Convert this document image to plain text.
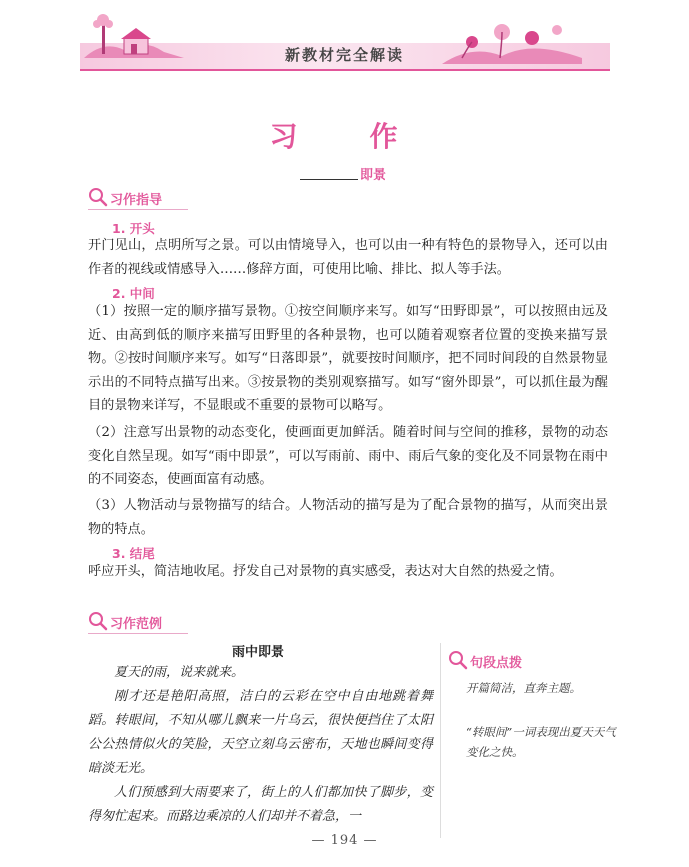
新教材完全解读
习　作
即景
习作指导
1. 开头

开门见山，点明所写之景。可以由情境导入，也可以由一种有特色的景物导入，还可以由作者的视线或情感导入……修辞方面，可使用比喻、排比、拟人等手法。

2. 中间

（1）按照一定的顺序描写景物。①按空间顺序来写。如写“田野即景”，可以按照由远及近、由高到低的顺序来描写田野里的各种景物，也可以随着观察者位置的变换来描写景物。②按时间顺序来写。如写“日落即景”，就要按时间顺序，把不同时间段的自然景物显示出的不同特点描写出来。③按景物的类别观察描写。如写“窗外即景”，可以抓住最为醒目的景物来详写，不显眼或不重要的景物可以略写。

（2）注意写出景物的动态变化，使画面更加鲜活。随着时间与空间的推移，景物的动态变化自然呈现。如写“雨中即景”，可以写雨前、雨中、雨后气象的变化及不同景物在雨中的不同姿态，使画面富有动感。

（3）人物活动与景物描写的结合。人物活动的描写是为了配合景物的描写，从而突出景物的特点。

3. 结尾

呼应开头，简洁地收尾。抒发自己对景物的真实感受，表达对大自然的热爱之情。

习作范例
雨中即景

夏天的雨，说来就来。

刚才还是艳阳高照，洁白的云彩在空中自由地跳着舞蹈。转眼间，不知从哪儿飘来一片乌云，很快便挡住了太阳公公热情似火的笑脸，天空立刻乌云密布，天地也瞬间变得暗淡无光。

人们预感到大雨要来了，街上的人们都加快了脚步，变得匆忙起来。而路边乘凉的人们却并不着急，一

句段点拨

开篇简洁，直奔主题。

“转眼间”一词表现出夏天天气变化之快。

— 194 —
